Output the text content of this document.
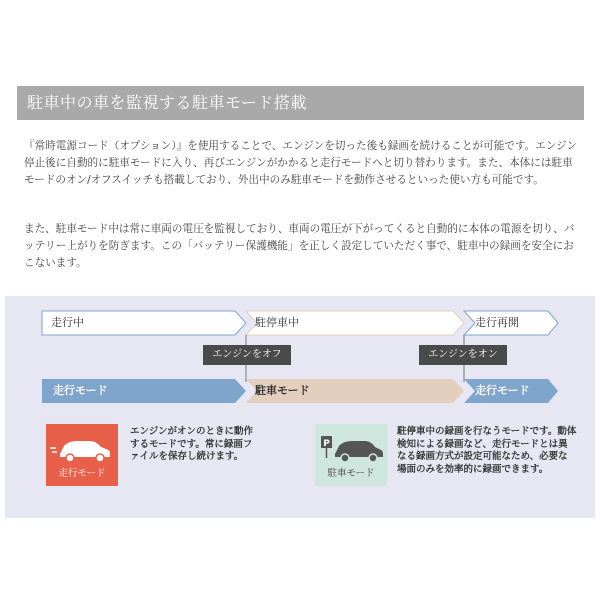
駐車中の車を監視する駐車モード搭載

『常時電源コード（オプション）』を使用することで、エンジンを切った後も録画を続けることが可能です。エンジン停止後に自動的に駐車モードに入り、再びエンジンがかかると走行モードへと切り替わります。また、本体には駐車モードのオン/オフスイッチも搭載しており、外出中のみ駐車モードを動作させるといった使い方も可能です。

また、駐車モード中は常に車両の電圧を監視しており、車両の電圧が下がってくると自動的に本体の電源を切り、バッテリー上がりを防ぎます。この「バッテリー保護機能」を正しく設定していただく事で、駐車中の録画を安全におこないます。

走行中	駐停車中	走行再開
エンジンをオフ	エンジンをオン
走行モード	駐車モード	走行モード
走行モード

エンジンがオンのときに動作するモードです。常に録画ファイルを保存し続けます。

P
駐車モード

駐停車中の録画を行なうモードです。動体検知による録画など、走行モードとは異なる録画方式が設定可能なため、必要な場面のみを効率的に録画できます。
